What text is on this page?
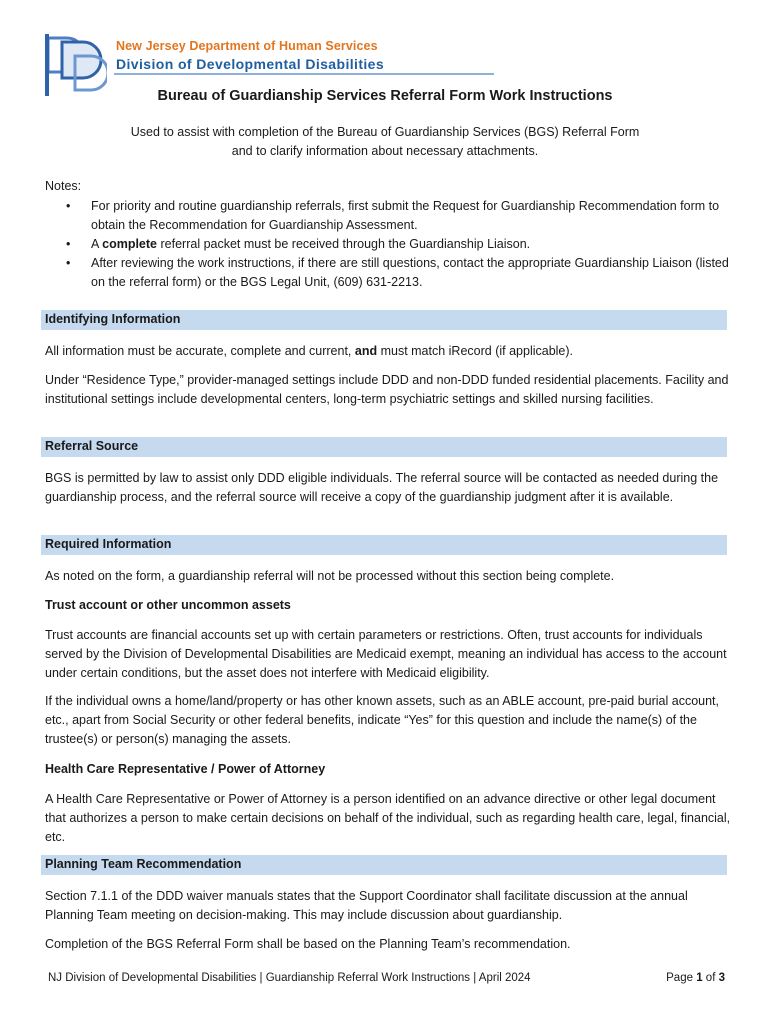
New Jersey Department of Human Services
Division of Developmental Disabilities
Bureau of Guardianship Services Referral Form Work Instructions
Used to assist with completion of the Bureau of Guardianship Services (BGS) Referral Form
and to clarify information about necessary attachments.
Notes:
• For priority and routine guardianship referrals, first submit the Request for Guardianship Recommendation form to obtain the Recommendation for Guardianship Assessment.
• A complete referral packet must be received through the Guardianship Liaison.
• After reviewing the work instructions, if there are still questions, contact the appropriate Guardianship Liaison (listed on the referral form) or the BGS Legal Unit, (609) 631-2213.
Identifying Information

All information must be accurate, complete and current, and must match iRecord (if applicable).

Under “Residence Type,” provider-managed settings include DDD and non-DDD funded residential placements. Facility and institutional settings include developmental centers, long-term psychiatric settings and skilled nursing facilities.

Referral Source

BGS is permitted by law to assist only DDD eligible individuals. The referral source will be contacted as needed during the guardianship process, and the referral source will receive a copy of the guardianship judgment after it is available.

Required Information

As noted on the form, a guardianship referral will not be processed without this section being complete.

Trust account or other uncommon assets

Trust accounts are financial accounts set up with certain parameters or restrictions. Often, trust accounts for individuals served by the Division of Developmental Disabilities are Medicaid exempt, meaning an individual has access to the account under certain conditions, but the asset does not interfere with Medicaid eligibility.

If the individual owns a home/land/property or has other known assets, such as an ABLE account, pre-paid burial account, etc., apart from Social Security or other federal benefits, indicate “Yes” for this question and include the name(s) of the trustee(s) or person(s) managing the assets.

Health Care Representative / Power of Attorney

A Health Care Representative or Power of Attorney is a person identified on an advance directive or other legal document that authorizes a person to make certain decisions on behalf of the individual, such as regarding health care, legal, financial, etc.

Planning Team Recommendation

Section 7.1.1 of the DDD waiver manuals states that the Support Coordinator shall facilitate discussion at the annual Planning Team meeting on decision-making. This may include discussion about guardianship.

Completion of the BGS Referral Form shall be based on the Planning Team’s recommendation.

NJ Division of Developmental Disabilities | Guardianship Referral Work Instructions | April 2024	Page 1 of 3
